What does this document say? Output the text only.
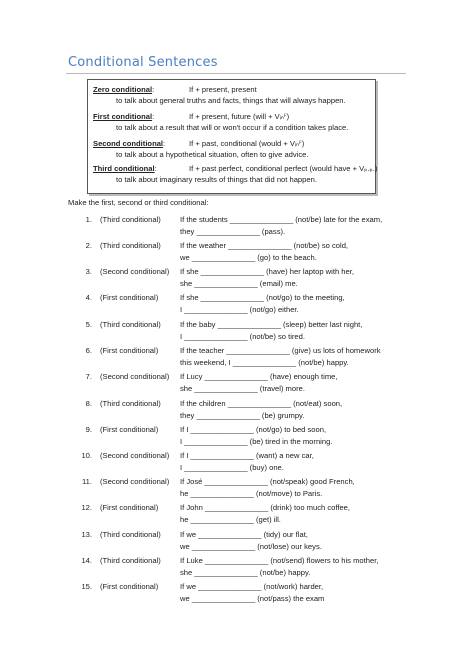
Conditional Sentences
Zero conditional:	If + present, present
to talk about general truths and facts, things that will always happen.
First conditional:	If + present, future (will + Vᵢₙꟳ)
to talk about a result that will or won't occur if a condition takes place.
Second conditional:	If + past, conditional (would + Vᵢₙꟳ)
to talk about a hypothetical situation, often to give advice.
Third conditional:	If + past perfect, conditional perfect (would have + Vₚ.ₚ.)
to talk about imaginary results of things that did not happen.
Make the first, second or third conditional:
1. (Third conditional)	If the students _______________ (not/be) late for the exam,
they _______________ (pass).
2. (Third conditional)	If the weather _______________ (not/be) so cold,
we _______________ (go) to the beach.
3. (Second conditional) If she _______________ (have) her laptop with her,
she _______________ (email) me.
4. (First conditional)	If she _______________ (not/go) to the meeting,
I _______________ (not/go) either.
5. (Third conditional)	If the baby _______________ (sleep) better last night,
I _______________ (not/be) so tired.
6. (First conditional)	If the teacher _______________ (give) us lots of homework
this weekend, I _______________ (not/be) happy.
7. (Second conditional) If Lucy _______________ (have) enough time,
she _______________ (travel) more.
8. (Third conditional)	If the children _______________ (not/eat) soon,
they _______________ (be) grumpy.
9. (First conditional)	If I _______________ (not/go) to bed soon,
I _______________ (be) tired in the morning.
10. (Second conditional) If I _______________ (want) a new car,
I _______________ (buy) one.
11. (Second conditional) If José _______________ (not/speak) good French,
he _______________ (not/move) to Paris.
12. (First conditional)	If John _______________ (drink) too much coffee,
he _______________ (get) ill.
13. (Third conditional)	If we _______________ (tidy) our flat,
we _______________ (not/lose) our keys.
14. (Third conditional)	If Luke _______________ (not/send) flowers to his mother,
she _______________ (not/be) happy.
15. (First conditional)	If we _______________ (not/work) harder,
we _______________ (not/pass) the exam
